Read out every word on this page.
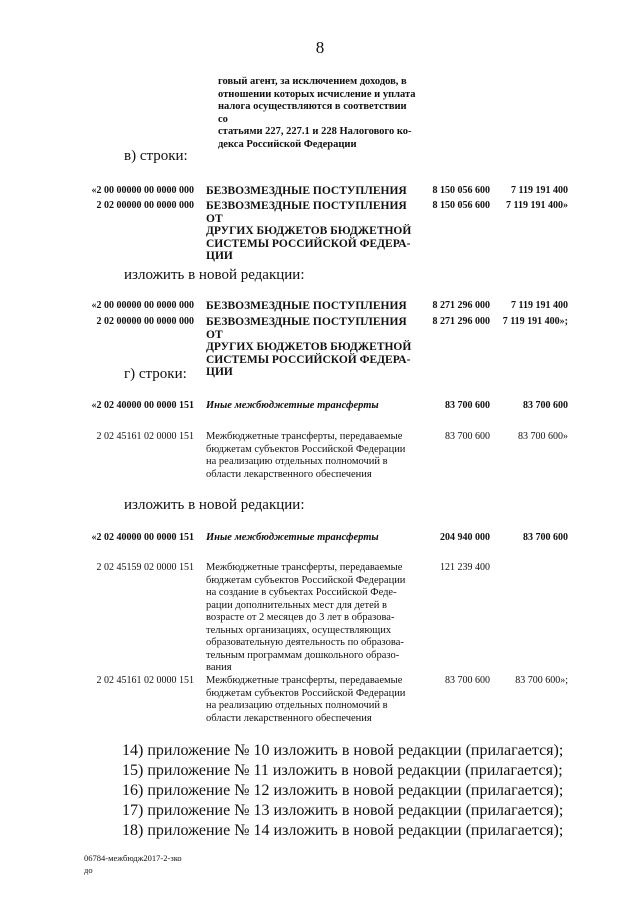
8
говый агент, за исключением доходов, в
отношении которых исчисление и уплата
налога осуществляются в соответствии со
статьями 227, 227.1 и 228 Налогового ко-
декса Российской Федерации
в) строки:
«2 00 00000 00 0000 000 БЕЗВОЗМЕЗДНЫЕ ПОСТУПЛЕНИЯ	8 150 056 600	7 119 191 400
2 02 00000 00 0000 000 БЕЗВОЗМЕЗДНЫЕ ПОСТУПЛЕНИЯ ОТ
ДРУГИХ БЮДЖЕТОВ БЮДЖЕТНОЙ
СИСТЕМЫ РОССИЙСКОЙ ФЕДЕРА-
ЦИИ
8 150 056 600	7 119 191 400»
изложить в новой редакции:
«2 00 00000 00 0000 000 БЕЗВОЗМЕЗДНЫЕ ПОСТУПЛЕНИЯ	8 271 296 000	7 119 191 400
2 02 00000 00 0000 000 БЕЗВОЗМЕЗДНЫЕ ПОСТУПЛЕНИЯ ОТ
ДРУГИХ БЮДЖЕТОВ БЮДЖЕТНОЙ
СИСТЕМЫ РОССИЙСКОЙ ФЕДЕРА-
ЦИИ
8 271 296 000	7 119 191 400»;
г) строки:
«2 02 40000 00 0000 151 Иные межбюджетные трансферты	83 700 600	83 700 600
2 02 45161 02 0000 151 Межбюджетные трансферты, передаваемые
бюджетам субъектов Российской Федерации
на реализацию отдельных полномочий в
области лекарственного обеспечения
83 700 600	83 700 600»
изложить в новой редакции:
«2 02 40000 00 0000 151 Иные межбюджетные трансферты	204 940 000	83 700 600
2 02 45159 02 0000 151 Межбюджетные трансферты, передаваемые
бюджетам субъектов Российской Федерации
на создание в субъектах Российской Феде-
рации дополнительных мест для детей в
возрасте от 2 месяцев до 3 лет в образова-
тельных организациях, осуществляющих
образовательную деятельность по образова-
тельным программам дошкольного образо-
вания
121 239 400
2 02 45161 02 0000 151 Межбюджетные трансферты, передаваемые
бюджетам субъектов Российской Федерации
на реализацию отдельных полномочий в
области лекарственного обеспечения
83 700 600	83 700 600»;
14) приложение № 10 изложить в новой редакции (прилагается);
15) приложение № 11 изложить в новой редакции (прилагается);
16) приложение № 12 изложить в новой редакции (прилагается);
17) приложение № 13 изложить в новой редакции (прилагается);
18) приложение № 14 изложить в новой редакции (прилагается);
06784-межбюдж2017-2-зко
до
